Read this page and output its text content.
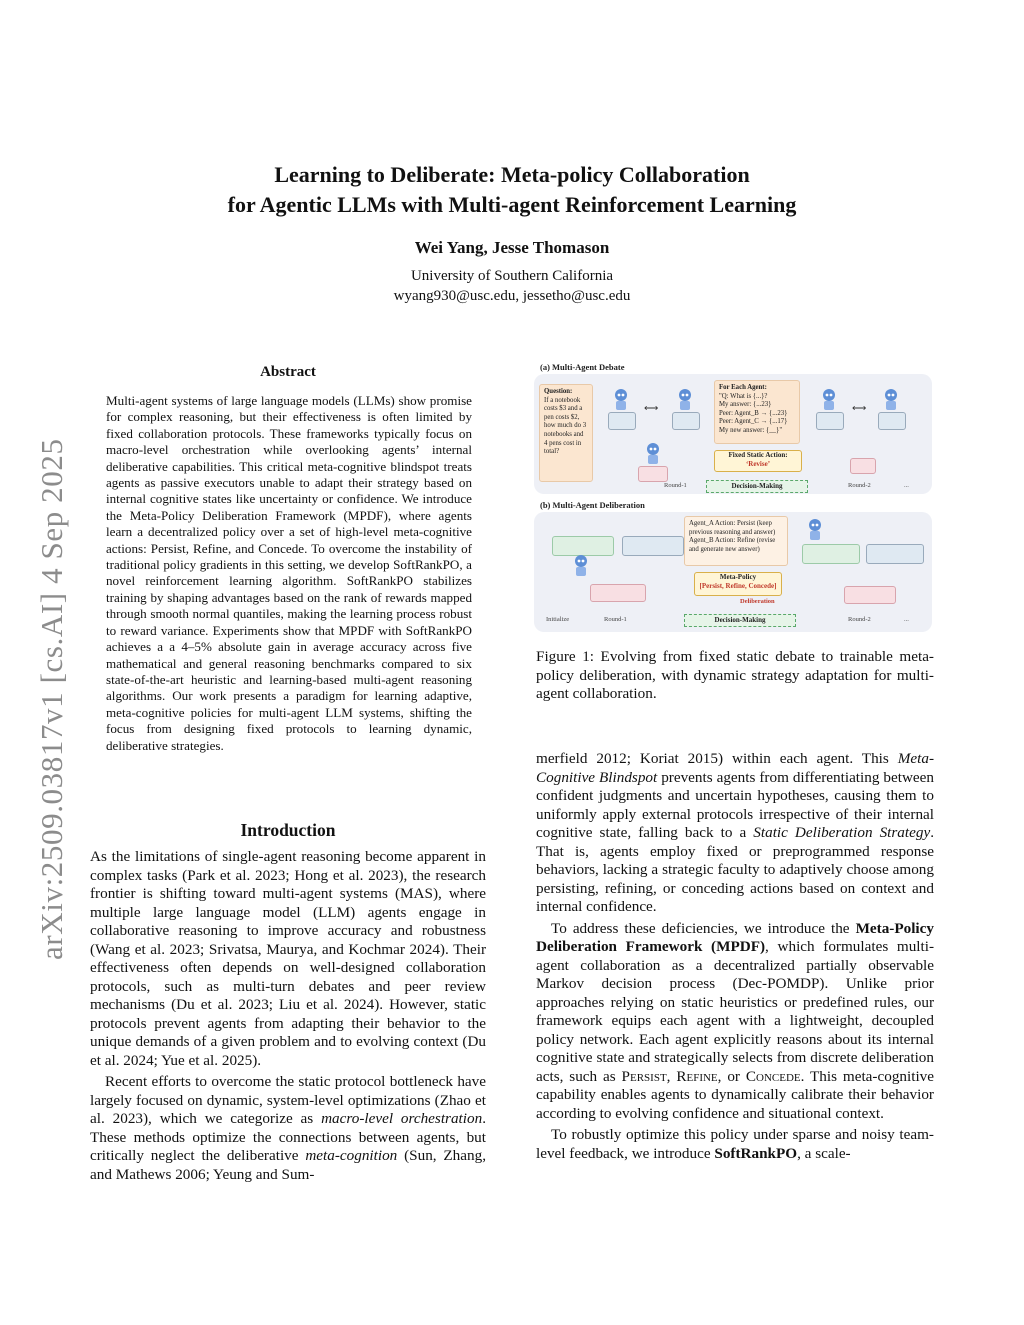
arXiv:2509.03817v1 [cs.AI] 4 Sep 2025
Learning to Deliberate: Meta-policy Collaboration
for Agentic LLMs with Multi-agent Reinforcement Learning
Wei Yang, Jesse Thomason
University of Southern California
wyang930@usc.edu, jessetho@usc.edu
Abstract
Multi-agent systems of large language models (LLMs) show promise for complex reasoning, but their effectiveness is often limited by fixed collaboration protocols. These frameworks typically focus on macro-level orchestration while overlooking agents’ internal deliberative capabilities. This critical meta-cognitive blindspot treats agents as passive executors unable to adapt their strategy based on internal cognitive states like uncertainty or confidence. We introduce the Meta-Policy Deliberation Framework (MPDF), where agents learn a decentralized policy over a set of high-level meta-cognitive actions: Persist, Refine, and Concede. To overcome the instability of traditional policy gradients in this setting, we develop SoftRankPO, a novel reinforcement learning algorithm. SoftRankPO stabilizes training by shaping advantages based on the rank of rewards mapped through smooth normal quantiles, making the learning process robust to reward variance. Experiments show that MPDF with SoftRankPO achieves a a 4–5% absolute gain in average accuracy across five mathematical and general reasoning benchmarks compared to six state-of-the-art heuristic and learning-based multi-agent reasoning algorithms. Our work presents a paradigm for learning adaptive, meta-cognitive policies for multi-agent LLM systems, shifting the focus from designing fixed protocols to learning dynamic, deliberative strategies.
Introduction

As the limitations of single-agent reasoning become apparent in complex tasks (Park et al. 2023; Hong et al. 2023), the research frontier is shifting toward multi-agent systems (MAS), where multiple large language model (LLM) agents engage in collaborative reasoning to improve accuracy and robustness (Wang et al. 2023; Srivatsa, Maurya, and Kochmar 2024). Their effectiveness often depends on well-designed collaboration protocols, such as multi-turn debates and peer review mechanisms (Du et al. 2023; Liu et al. 2024). However, static protocols prevent agents from adapting their behavior to the unique demands of a given problem and to evolving context (Du et al. 2024; Yue et al. 2025).

Recent efforts to overcome the static protocol bottleneck have largely focused on dynamic, system-level optimizations (Zhao et al. 2023), which we categorize as macro-level orchestration. These methods optimize the connections between agents, but critically neglect the deliberative meta-cognition (Sun, Zhang, and Mathews 2006; Yeung and Sum-

(a) Multi-Agent Debate
Question:
If a notebook costs $3 and a pen costs $2, how much do 3 notebooks and 4 pens cost in total?
⟷
For Each Agent:
"Q: What is {...}?
My answer: {...23}
Peer: Agent_B → {...23}
Peer: Agent_C → {...17}
My new answer: {__}"
Fixed Static Action:
‘Revise’
Decision-Making
Round-1	Round-2	...
⟷
(b) Multi-Agent Deliberation
Agent_A Action: Persist (keep previous reasoning and answer)
Agent_B Action: Refine (revise and generate new answer)
Meta-Policy
[Persist, Refine, Concede]
Deliberation
Decision-Making
Initialize	Round-1	Round-2	...
Figure 1: Evolving from fixed static debate to trainable meta-policy deliberation, with dynamic strategy adaptation for multi-agent collaboration.

merfield 2012; Koriat 2015) within each agent. This Meta-Cognitive Blindspot prevents agents from differentiating between confident judgments and uncertain hypotheses, causing them to uniformly apply external protocols irrespective of their internal cognitive state, falling back to a Static Deliberation Strategy. That is, agents employ fixed or preprogrammed response behaviors, lacking a strategic faculty to adaptively choose among persisting, refining, or conceding actions based on context and internal confidence.

To address these deficiencies, we introduce the Meta-Policy Deliberation Framework (MPDF), which formulates multi-agent collaboration as a decentralized partially observable Markov decision process (Dec-POMDP). Unlike prior approaches relying on static heuristics or predefined rules, our framework equips each agent with a lightweight, decoupled policy network. Each agent explicitly reasons about its internal cognitive state and strategically selects from discrete deliberation acts, such as Persist, Refine, or Concede. This meta-cognitive capability enables agents to dynamically calibrate their behavior according to evolving confidence and situational context.

To robustly optimize this policy under sparse and noisy team-level feedback, we introduce SoftRankPO, a scale-
